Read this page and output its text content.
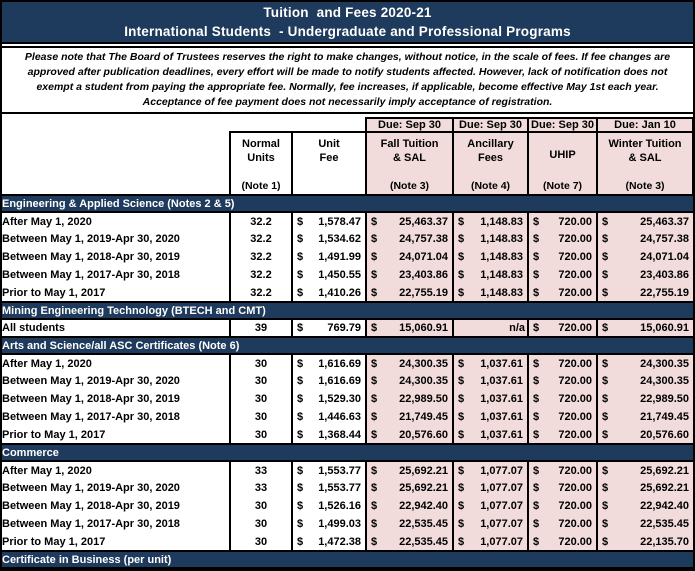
Tuition  and Fees 2020-21
International Students  - Undergraduate and Professional Programs
Please note that The Board of Trustees reserves the right to make changes, without notice, in the scale of fees. If fee changes are approved after publication deadlines, every effort will be made to notify students affected. However, lack of notification does not exempt a student from paying the appropriate fee. Normally, fee increases, if applicable, become effective May 1st each year. Acceptance of fee payment does not necessarily imply acceptance of registration.
			Due: Sep 30	Due: Sep 30	Due: Sep 30	Due: Jan 10

Normal
Units
(Note 1)

Unit
Fee

Fall Tuition
& SAL
(Note 3)

Ancillary
Fees
(Note 4)

UHIP
(Note 7)

Winter Tuition
& SAL
(Note 3)

Engineering & Applied Science (Notes 2 & 5)						
After May 1, 2020	32.2	$ 1,578.47	$ 25,463.37	$ 1,148.83	$ 720.00	$ 25,463.37

Between May 1, 2019-Apr 30, 2020	32.2	$ 1,534.62	$ 24,757.38	$ 1,148.83	$ 720.00	$ 24,757.38

Between May 1, 2018-Apr 30, 2019	32.2	$ 1,491.99	$ 24,071.04	$ 1,148.83	$ 720.00	$ 24,071.04

Between May 1, 2017-Apr 30, 2018	32.2	$ 1,450.55	$ 23,403.86	$ 1,148.83	$ 720.00	$ 23,403.86

Prior to May 1, 2017	32.2	$ 1,410.26	$ 22,755.19	$ 1,148.83	$ 720.00	$ 22,755.19

Mining Engineering Technology (BTECH and CMT)						
All students	39	$ 769.79	$ 15,060.91	n/a	$ 720.00	$ 15,060.91

Arts and Science/all ASC Certificates (Note 6)						
After May 1, 2020	30	$ 1,616.69	$ 24,300.35	$ 1,037.61	$ 720.00	$ 24,300.35

Between May 1, 2019-Apr 30, 2020	30	$ 1,616.69	$ 24,300.35	$ 1,037.61	$ 720.00	$ 24,300.35

Between May 1, 2018-Apr 30, 2019	30	$ 1,529.30	$ 22,989.50	$ 1,037.61	$ 720.00	$ 22,989.50

Between May 1, 2017-Apr 30, 2018	30	$ 1,446.63	$ 21,749.45	$ 1,037.61	$ 720.00	$ 21,749.45

Prior to May 1, 2017	30	$ 1,368.44	$ 20,576.60	$ 1,037.61	$ 720.00	$ 20,576.60

Commerce						
After May 1, 2020	33	$ 1,553.77	$ 25,692.21	$ 1,077.07	$ 720.00	$ 25,692.21

Between May 1, 2019-Apr 30, 2020	33	$ 1,553.77	$ 25,692.21	$ 1,077.07	$ 720.00	$ 25,692.21

Between May 1, 2018-Apr 30, 2019	30	$ 1,526.16	$ 22,942.40	$ 1,077.07	$ 720.00	$ 22,942.40

Between May 1, 2017-Apr 30, 2018	30	$ 1,499.03	$ 22,535.45	$ 1,077.07	$ 720.00	$ 22,535.45

Prior to May 1, 2017	30	$ 1,472.38	$ 22,535.45	$ 1,077.07	$ 720.00	$ 22,135.70

Certificate in Business (per unit)						
